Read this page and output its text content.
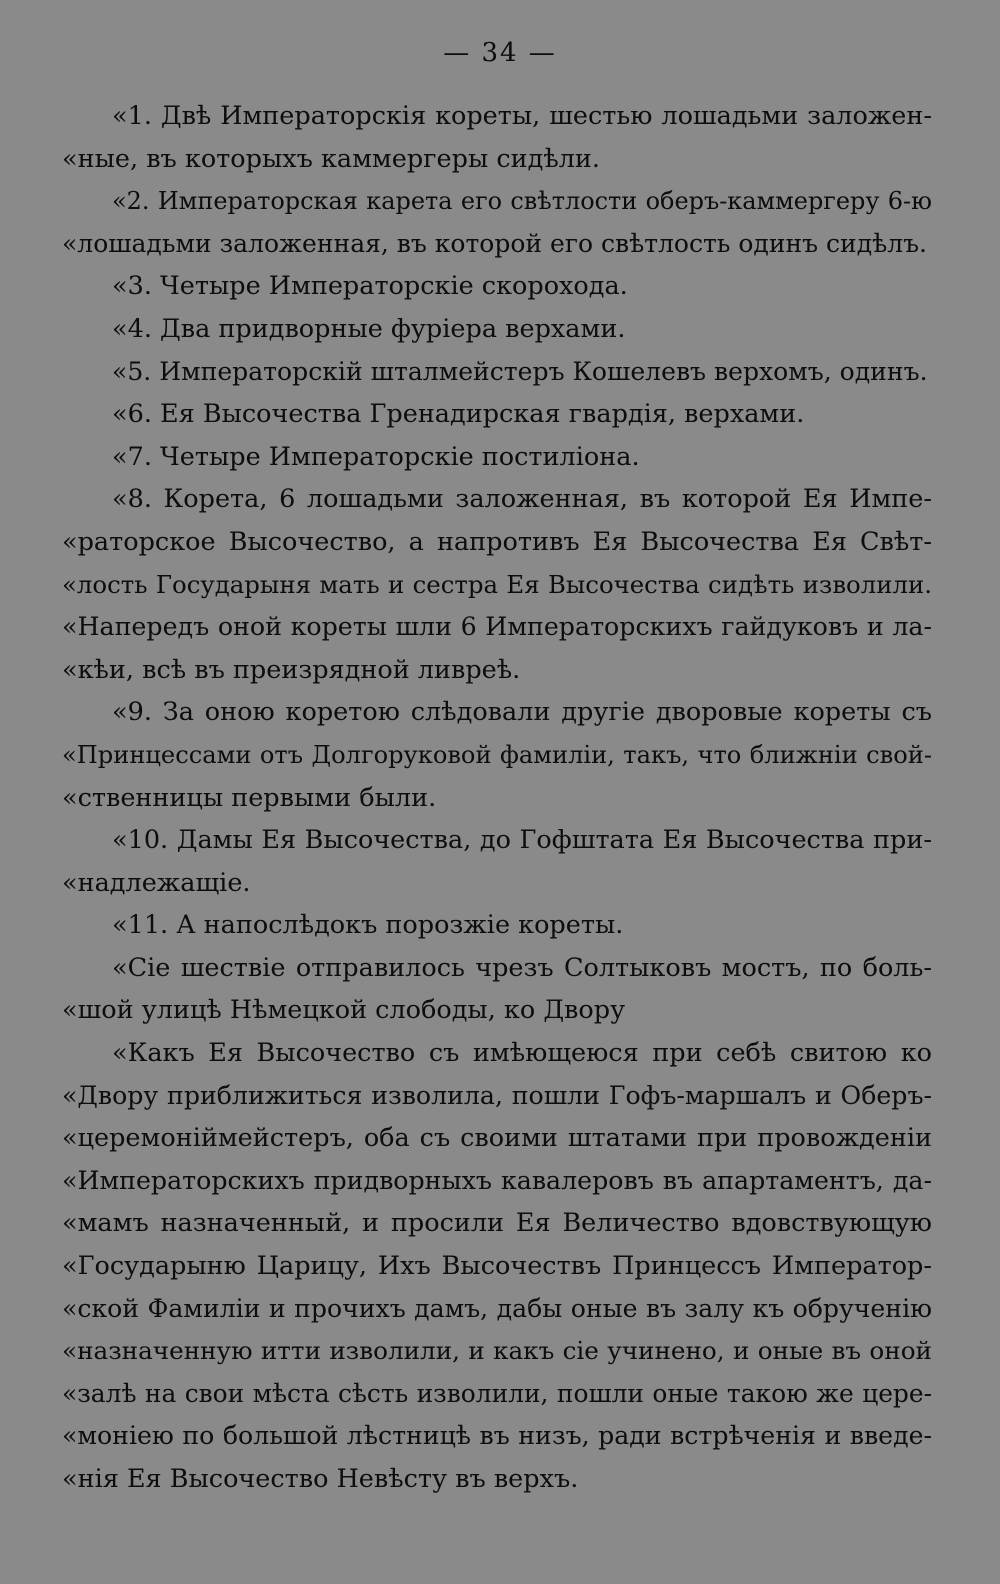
— 34 —
«1. Двѣ Императорскія кореты, шестью лошадьми заложен-
«ные, въ которыхъ каммергеры сидѣли.
«2. Императорская карета его свѣтлости оберъ-каммергеру 6-ю
«лошадьми заложенная, въ которой его свѣтлость одинъ сидѣлъ.
«3. Четыре Императорскіе скорохода.
«4. Два придворные фуріера верхами.
«5. Императорскій шталмейстеръ Кошелевъ верхомъ, одинъ.
«6. Ея Высочества Гренадирская гвардія, верхами.
«7. Четыре Императорскіе постиліона.
«8. Корета, 6 лошадьми заложенная, въ которой Ея Импе-
«раторское Высочество, а напротивъ Ея Высочества Ея Свѣт-
«лость Государыня мать и сестра Ея Высочества сидѣть изволили.
«Напередъ оной кореты шли 6 Императорскихъ гайдуковъ и ла-
«кѣи, всѣ въ преизрядной ливреѣ.
«9. За оною коретою слѣдовали другіе дворовые кореты съ
«Принцессами отъ Долгоруковой фамиліи, такъ, что ближніи свой-
«ственницы первыми были.
«10. Дамы Ея Высочества, до Гофштата Ея Высочества при-
«надлежащіе.
«11. А напослѣдокъ порозжіе кореты.
«Сіе шествіе отправилось чрезъ Солтыковъ мостъ, по боль-
«шой улицѣ Нѣмецкой слободы, ко Двору
«Какъ Ея Высочество съ имѣющеюся при себѣ свитою ко
«Двору приближиться изволила, пошли Гофъ-маршалъ и Оберъ-
«церемоніймейстеръ, оба съ своими штатами при провожденіи
«Императорскихъ придворныхъ кавалеровъ въ апартаментъ, да-
«мамъ назначенный, и просили Ея Величество вдовствующую
«Государыню Царицу, Ихъ Высочествъ Принцессъ Император-
«ской Фамиліи и прочихъ дамъ, дабы оные въ залу къ обрученію
«назначенную итти изволили, и какъ сіе учинено, и оные въ оной
«залѣ на свои мѣста сѣсть изволили, пошли оные такою же цере-
«моніею по большой лѣстницѣ въ низъ, ради встрѣченія и введе-
«нія Ея Высочество Невѣсту въ верхъ.
